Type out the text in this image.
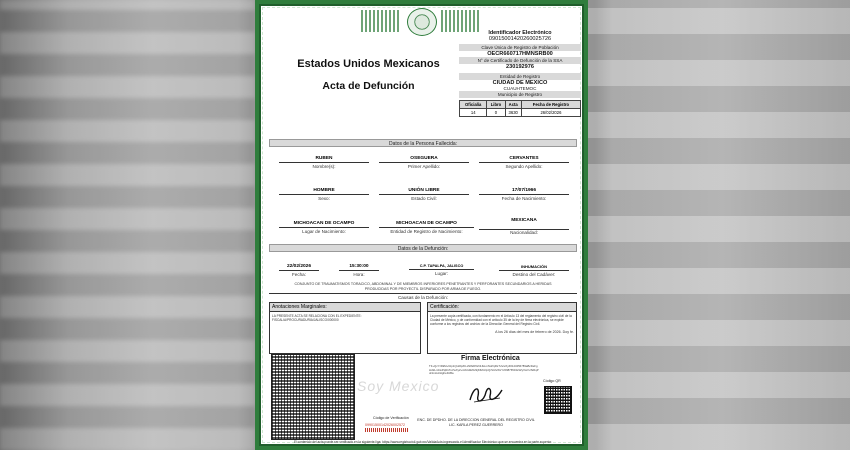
Estados Unidos Mexicanos
Acta de Defunción
Identificador Electrónico
09015001420260025726
Clave Única de Registro de Población
OECR660717HMNSRB00
N° de Certificado de Defunción de la SSA
230192976
Entidad de Registro
CIUDAD DE MEXICO
CUAUHTEMOC
Municipio de Registro
Oficialía	Libro	Acta	Fecha de Registro
14	0	3630	26/02/2026
Datos de la Persona Fallecida:
RUBEN
Nombre(s):
OSEGUERA
Primer Apellido:
CERVANTES
Segundo Apellido:
HOMBRE
Sexo:
UNIÓN LIBRE
Estado Civil:
17/07/1966
Fecha de Nacimiento:
MICHOACAN DE OCAMPO
Lugar de Nacimiento:
MICHOACAN DE OCAMPO
Entidad de Registro de Nacimiento:
MEXICANA
Nacionalidad:
Datos de la Defunción:
22/02/2026
Fecha:
15:30:00
Hora:
C.P. TAPALPA, JALISCO
Lugar:
INHUMACIÓN
Destino del Cadáver:
CONJUNTO DE TRAUMATISMOS TORACICO, ABDOMINAL Y DE MIEMBROS INFERIORES PENETRANTES Y PERFORANTES SECUNDARIOS A HERIDAS PRODUCIDAS POR PROYECTIL DISPARADO POR ARMA DE FUEGO.
Causas de la Defunción:
Anotaciones Marginales:
LA PRESENTE ACTA SE RELACIONA CON EL EXPEDIENTE: FISCALIA/PROCURADURIA/JALISCO/000000
Certificación:
La presente copia certificada, con fundamento en el Artículo 13 del reglamento del registro civil de la Ciudad de México, y de conformidad con el artículo 35 de la ley de firma electrónica, se expide conforme a los registros del archivo de la Dirección General del Registro Civil.
A los 26 días del mes de febrero de 2026. Doy fe.
Soy Mexico
Firma Electrónica
TF+QcYzRkM+9zp1QvWq2hLxN8sDfGh3JkLmNoPqRsTuVwXyZ0123456789aBcDeFgHiJkLmNoPqRsTuVwXyZ+/AbCdEfGhIjKlMnOpQrStUvWxYz0987654321ZyXwVuTsRqPoNmLkJiHgFeDcBa
Código QR
Código de Verificación
09901500142026002572
ENC. DE DPDHO. DE LA DIRECCION GENERAL DEL REGISTRO CIVIL
LIC. KARLA PEREZ GUERRERO
El contenido del acta puede ser verificado en la siguiente liga: https://www.registrocivil.gob.mx/ValidaActa ingresando el Identificador Electrónico que se encuentra en la parte superior.
